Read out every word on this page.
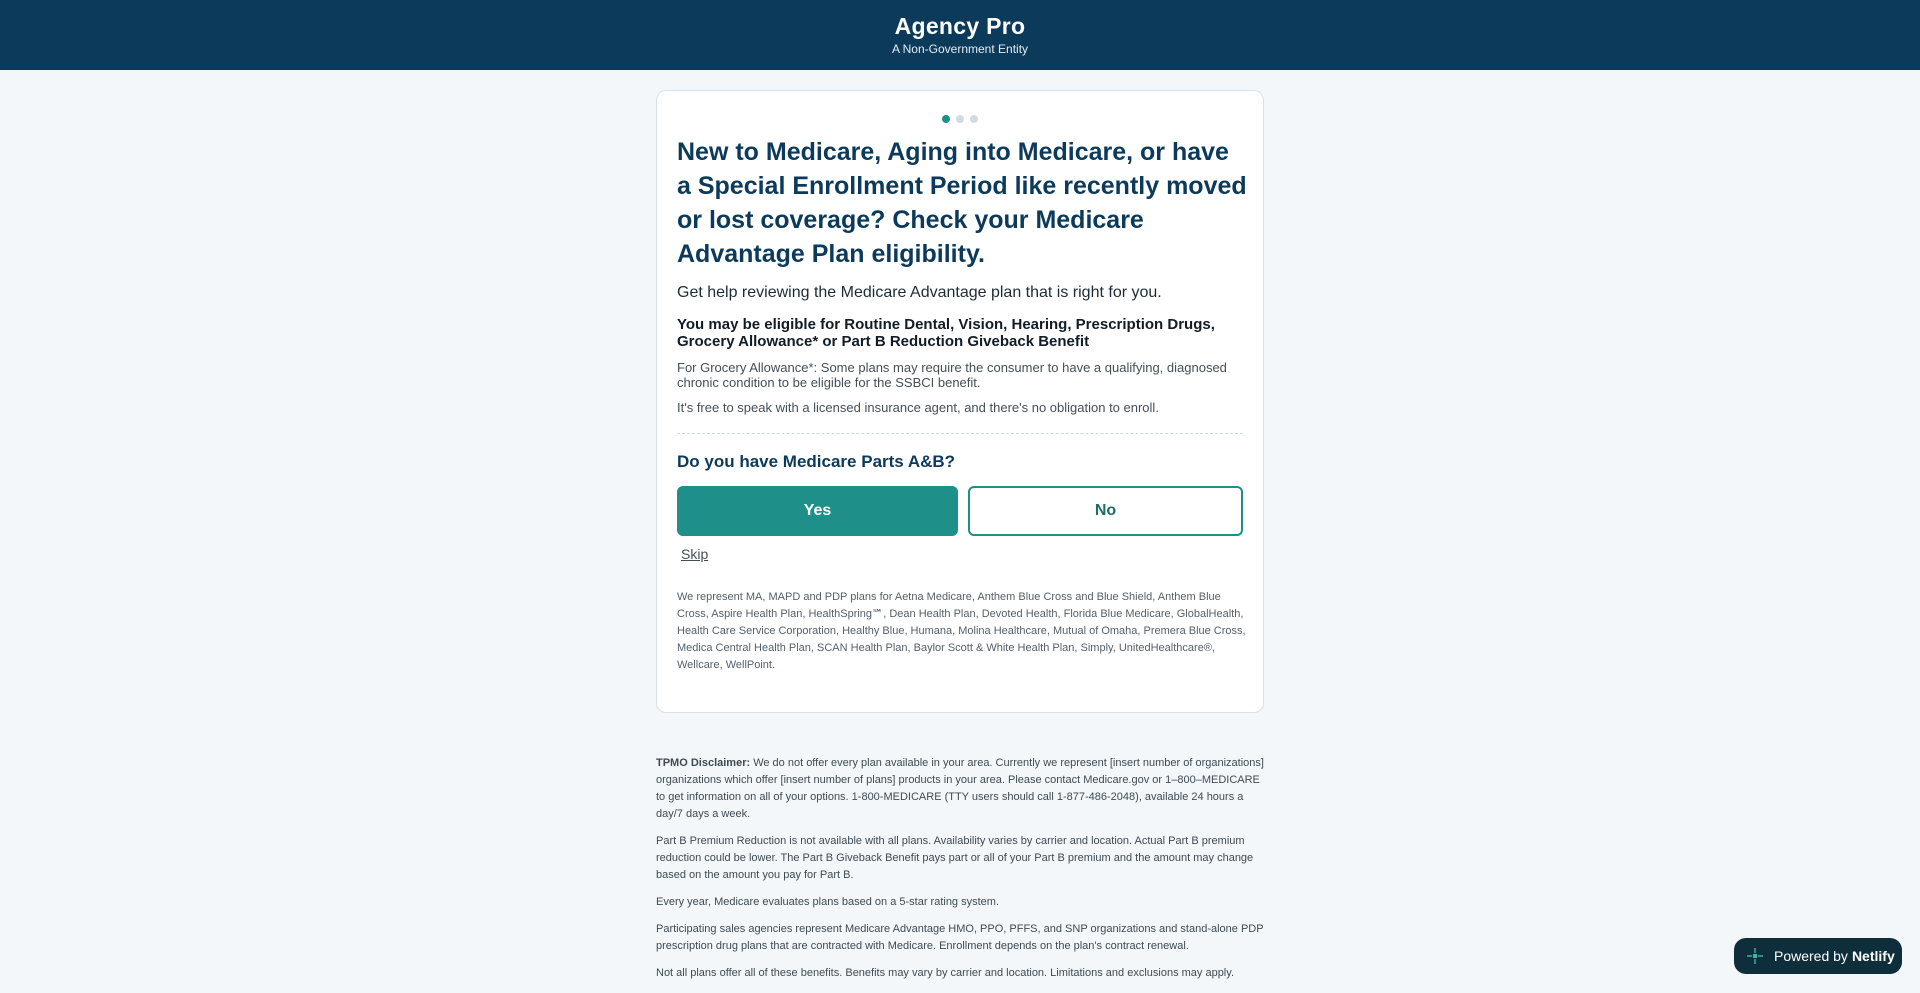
Agency Pro
A Non-Government Entity

New to Medicare, Aging into Medicare, or have a Special Enrollment Period like recently moved or lost coverage? Check your Medicare Advantage Plan eligibility.

Get help reviewing the Medicare Advantage plan that is right for you.

You may be eligible for Routine Dental, Vision, Hearing, Prescription Drugs, Grocery Allowance* or Part B Reduction Giveback Benefit

For Grocery Allowance*: Some plans may require the consumer to have a qualifying, diagnosed chronic condition to be eligible for the SSBCI benefit.

It's free to speak with a licensed insurance agent, and there's no obligation to enroll.

Do you have Medicare Parts A&B?
Yes	No
Skip

We represent MA, MAPD and PDP plans for Aetna Medicare, Anthem Blue Cross and Blue Shield, Anthem Blue Cross, Aspire Health Plan, HealthSpring℠, Dean Health Plan, Devoted Health, Florida Blue Medicare, GlobalHealth, Health Care Service Corporation, Healthy Blue, Humana, Molina Healthcare, Mutual of Omaha, Premera Blue Cross, Medica Central Health Plan, SCAN Health Plan, Baylor Scott & White Health Plan, Simply, UnitedHealthcare®, Wellcare, WellPoint.

TPMO Disclaimer: We do not offer every plan available in your area. Currently we represent [insert number of organizations] organizations which offer [insert number of plans] products in your area. Please contact Medicare.gov or 1–800–MEDICARE to get information on all of your options. 1-800-MEDICARE (TTY users should call 1-877-486-2048), available 24 hours a day/7 days a week.

Part B Premium Reduction is not available with all plans. Availability varies by carrier and location. Actual Part B premium reduction could be lower. The Part B Giveback Benefit pays part or all of your Part B premium and the amount may change based on the amount you pay for Part B.

Every year, Medicare evaluates plans based on a 5-star rating system.

Participating sales agencies represent Medicare Advantage HMO, PPO, PFFS, and SNP organizations and stand-alone PDP prescription drug plans that are contracted with Medicare. Enrollment depends on the plan's contract renewal.

Not all plans offer all of these benefits. Benefits may vary by carrier and location. Limitations and exclusions may apply.

Powered by Netlify
